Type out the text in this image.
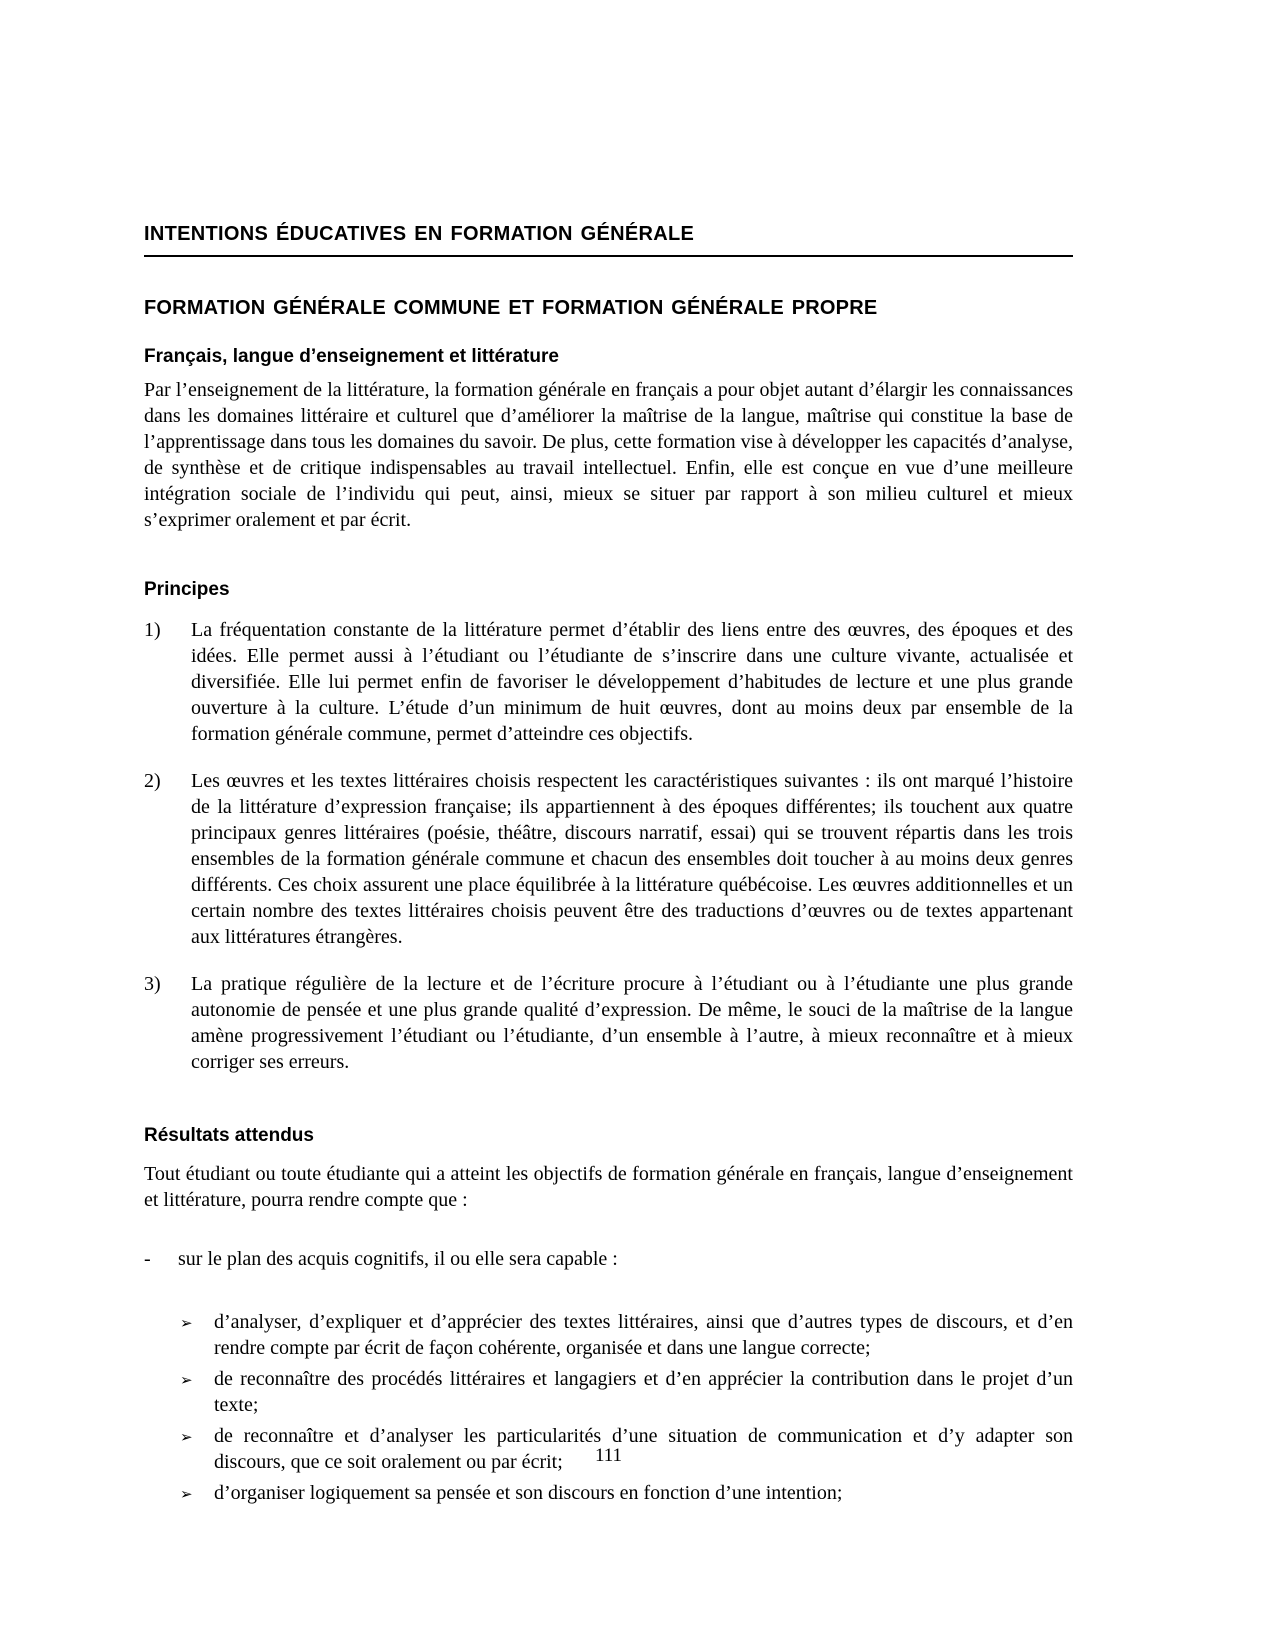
INTENTIONS ÉDUCATIVES EN FORMATION GÉNÉRALE
FORMATION GÉNÉRALE COMMUNE ET FORMATION GÉNÉRALE PROPRE
Français, langue d’enseignement et littérature

Par l’enseignement de la littérature, la formation générale en français a pour objet autant d’élargir les connaissances dans les domaines littéraire et culturel que d’améliorer la maîtrise de la langue, maîtrise qui constitue la base de l’apprentissage dans tous les domaines du savoir. De plus, cette formation vise à développer les capacités d’analyse, de synthèse et de critique indispensables au travail intellectuel. Enfin, elle est conçue en vue d’une meilleure intégration sociale de l’individu qui peut, ainsi, mieux se situer par rapport à son milieu culturel et mieux s’exprimer oralement et par écrit.

Principes
1) La fréquentation constante de la littérature permet d’établir des liens entre des œuvres, des époques et des idées. Elle permet aussi à l’étudiant ou l’étudiante de s’inscrire dans une culture vivante, actualisée et diversifiée. Elle lui permet enfin de favoriser le développement d’habitudes de lecture et une plus grande ouverture à la culture. L’étude d’un minimum de huit œuvres, dont au moins deux par ensemble de la formation générale commune, permet d’atteindre ces objectifs.
2) Les œuvres et les textes littéraires choisis respectent les caractéristiques suivantes : ils ont marqué l’histoire de la littérature d’expression française; ils appartiennent à des époques différentes; ils touchent aux quatre principaux genres littéraires (poésie, théâtre, discours narratif, essai) qui se trouvent répartis dans les trois ensembles de la formation générale commune et chacun des ensembles doit toucher à au moins deux genres différents. Ces choix assurent une place équilibrée à la littérature québécoise. Les œuvres additionnelles et un certain nombre des textes littéraires choisis peuvent être des traductions d’œuvres ou de textes appartenant aux littératures étrangères.
3) La pratique régulière de la lecture et de l’écriture procure à l’étudiant ou à l’étudiante une plus grande autonomie de pensée et une plus grande qualité d’expression. De même, le souci de la maîtrise de la langue amène progressivement l’étudiant ou l’étudiante, d’un ensemble à l’autre, à mieux reconnaître et à mieux corriger ses erreurs.
Résultats attendus

Tout étudiant ou toute étudiante qui a atteint les objectifs de formation générale en français, langue d’enseignement et littérature, pourra rendre compte que :

- sur le plan des acquis cognitifs, il ou elle sera capable :
➢ d’analyser, d’expliquer et d’apprécier des textes littéraires, ainsi que d’autres types de discours, et d’en rendre compte par écrit de façon cohérente, organisée et dans une langue correcte;
➢ de reconnaître des procédés littéraires et langagiers et d’en apprécier la contribution dans le projet d’un texte;
➢ de reconnaître et d’analyser les particularités d’une situation de communication et d’y adapter son discours, que ce soit oralement ou par écrit;
➢ d’organiser logiquement sa pensée et son discours en fonction d’une intention;
111
